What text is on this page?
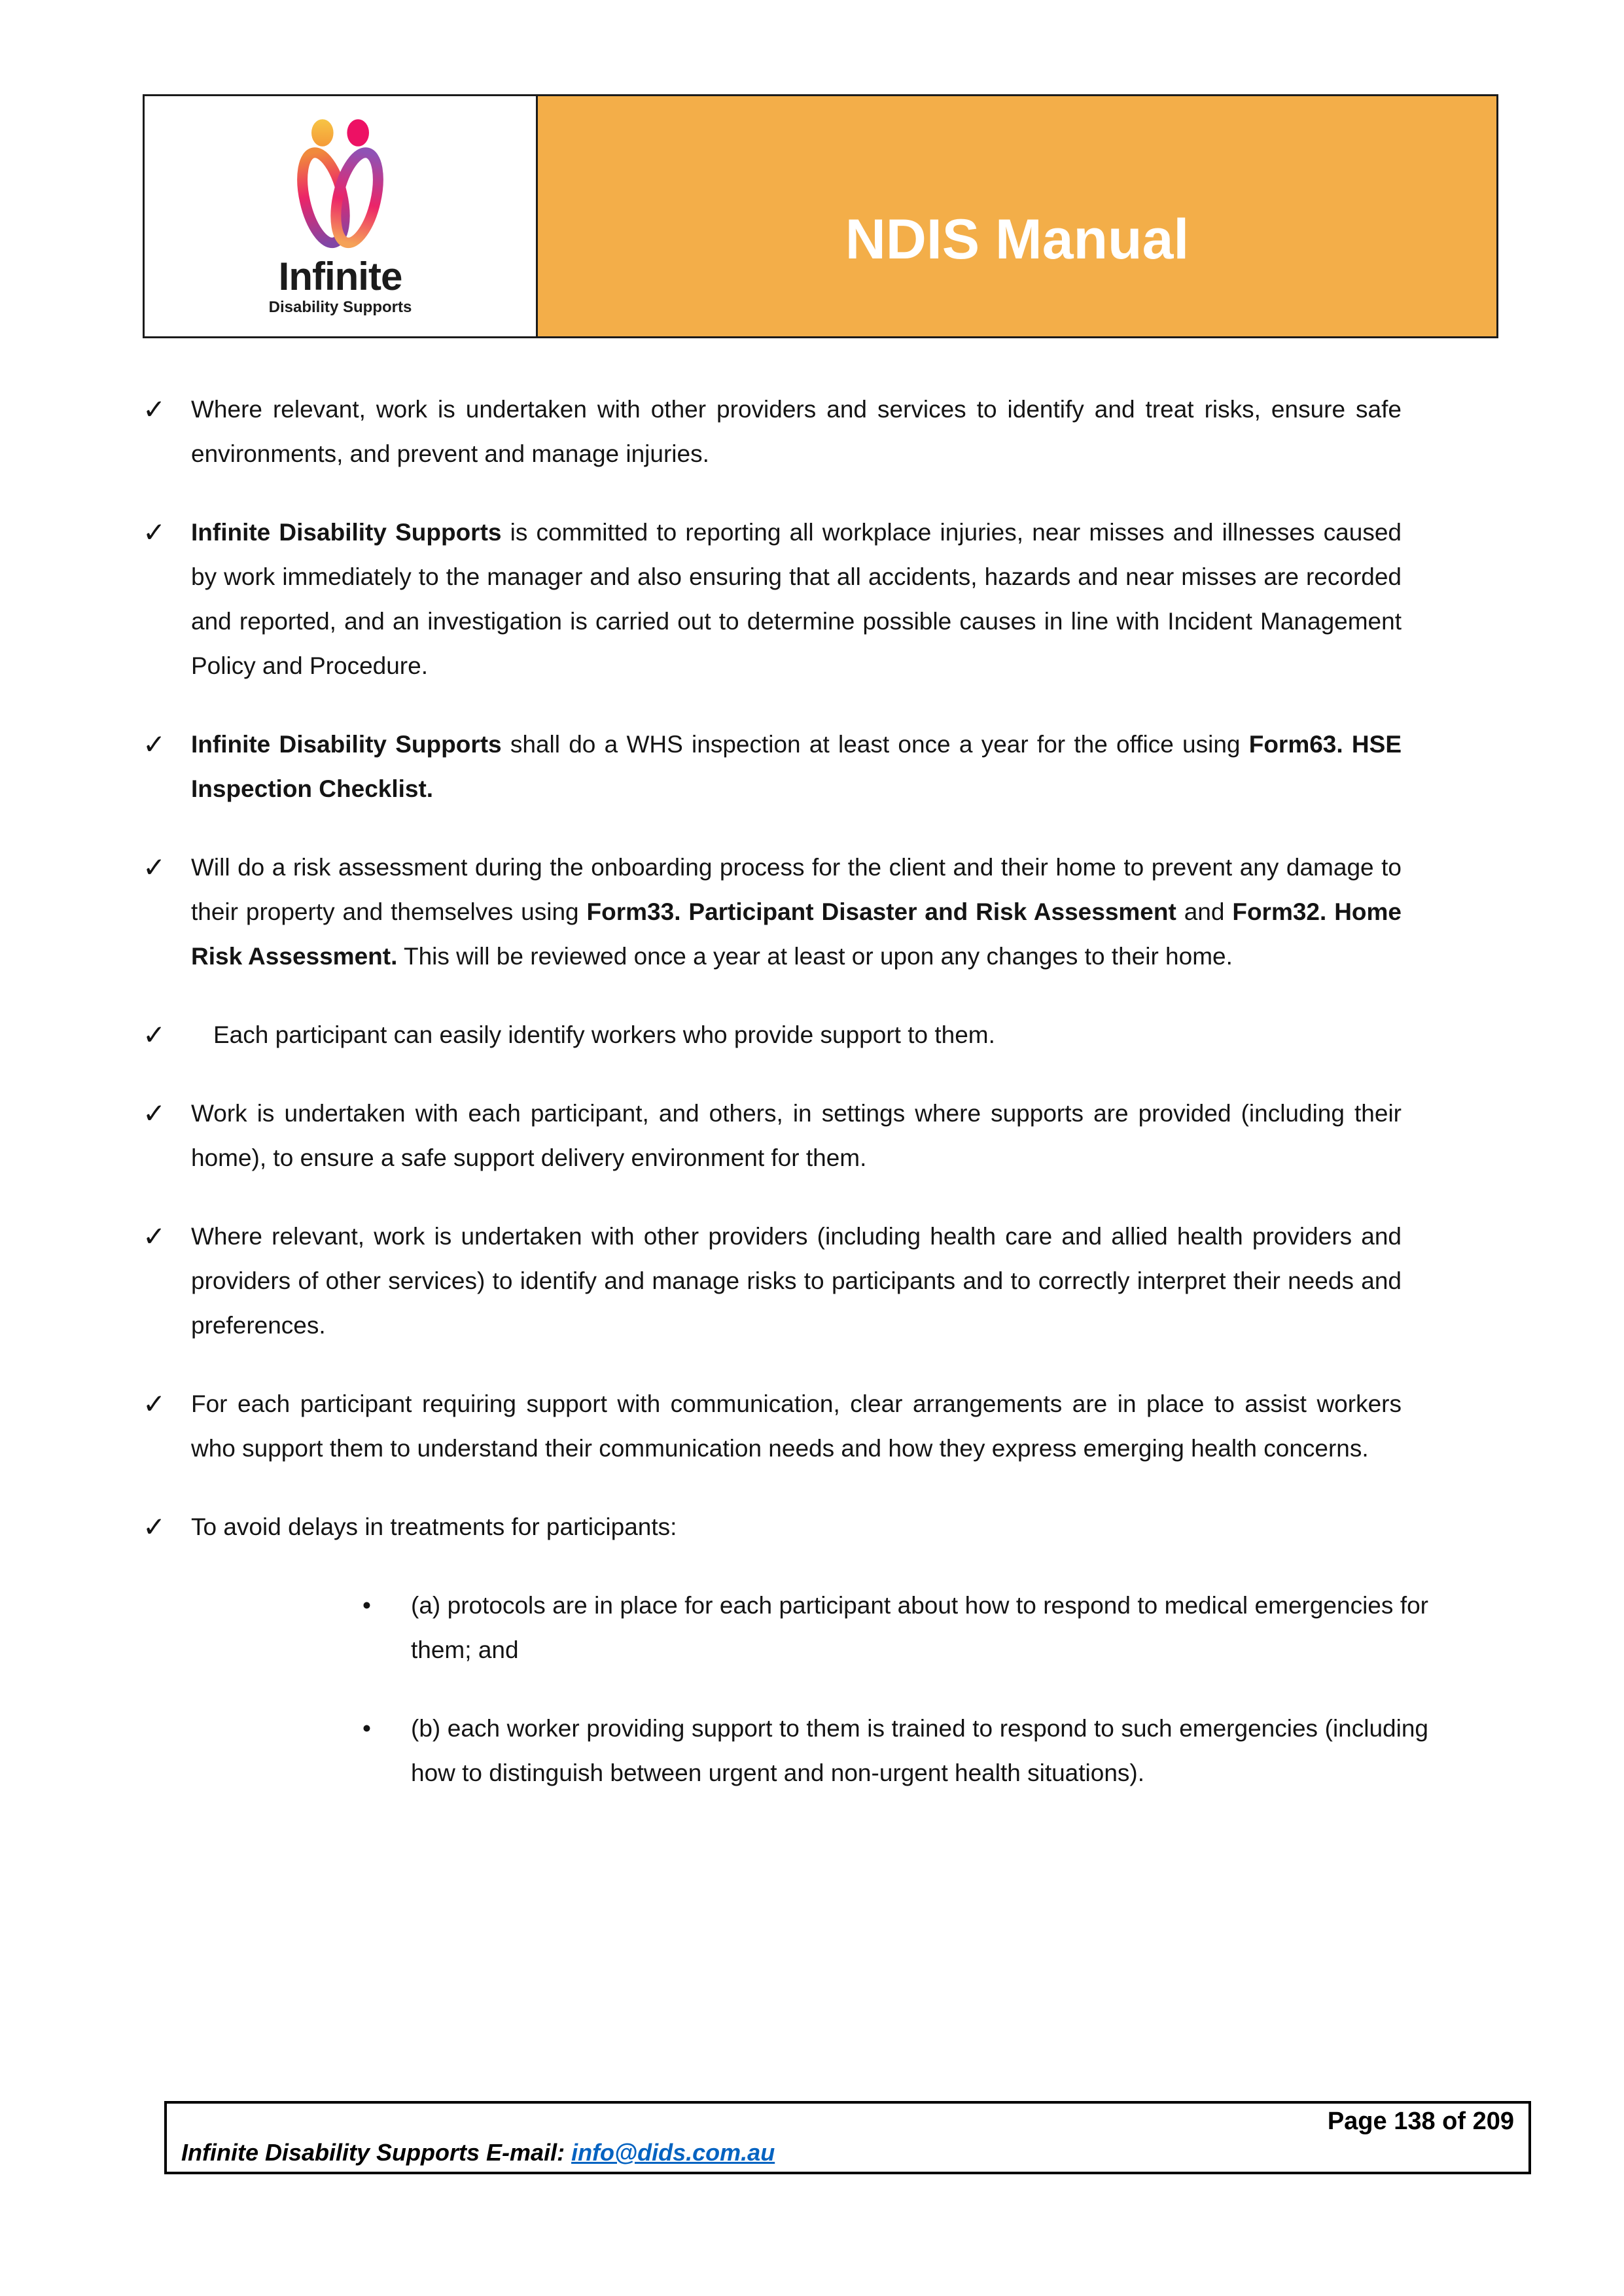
Infinite
Disability Supports
NDIS Manual
✓	Where relevant, work is undertaken with other providers and services to identify and treat risks, ensure safe environments, and prevent and manage injuries.

✓	Infinite Disability Supports is committed to reporting all workplace injuries, near misses and illnesses caused by work immediately to the manager and also ensuring that all accidents, hazards and near misses are recorded and reported, and an investigation is carried out to determine possible causes in line with Incident Management Policy and Procedure.

✓	Infinite Disability Supports shall do a WHS inspection at least once a year for the office using Form63. HSE Inspection Checklist.

✓	Will do a risk assessment during the onboarding process for the client and their home to prevent any damage to their property and themselves using Form33. Participant Disaster and Risk Assessment and Form32. Home Risk Assessment. This will be reviewed once a year at least or upon any changes to their home.

✓	Each participant can easily identify workers who provide support to them.

✓	Work is undertaken with each participant, and others, in settings where supports are provided (including their home), to ensure a safe support delivery environment for them.

✓	Where relevant, work is undertaken with other providers (including health care and allied health providers and providers of other services) to identify and manage risks to participants and to correctly interpret their needs and preferences.

✓	For each participant requiring support with communication, clear arrangements are in place to assist workers who support them to understand their communication needs and how they express emerging health concerns.

✓	To avoid delays in treatments for participants:

•	(a) protocols are in place for each participant about how to respond to medical emergencies for them; and

•	(b) each worker providing support to them is trained to respond to such emergencies (including how to distinguish between urgent and non-urgent health situations).

Infinite Disability Supports E-mail: info@dids.com.au

Page 138 of 209
